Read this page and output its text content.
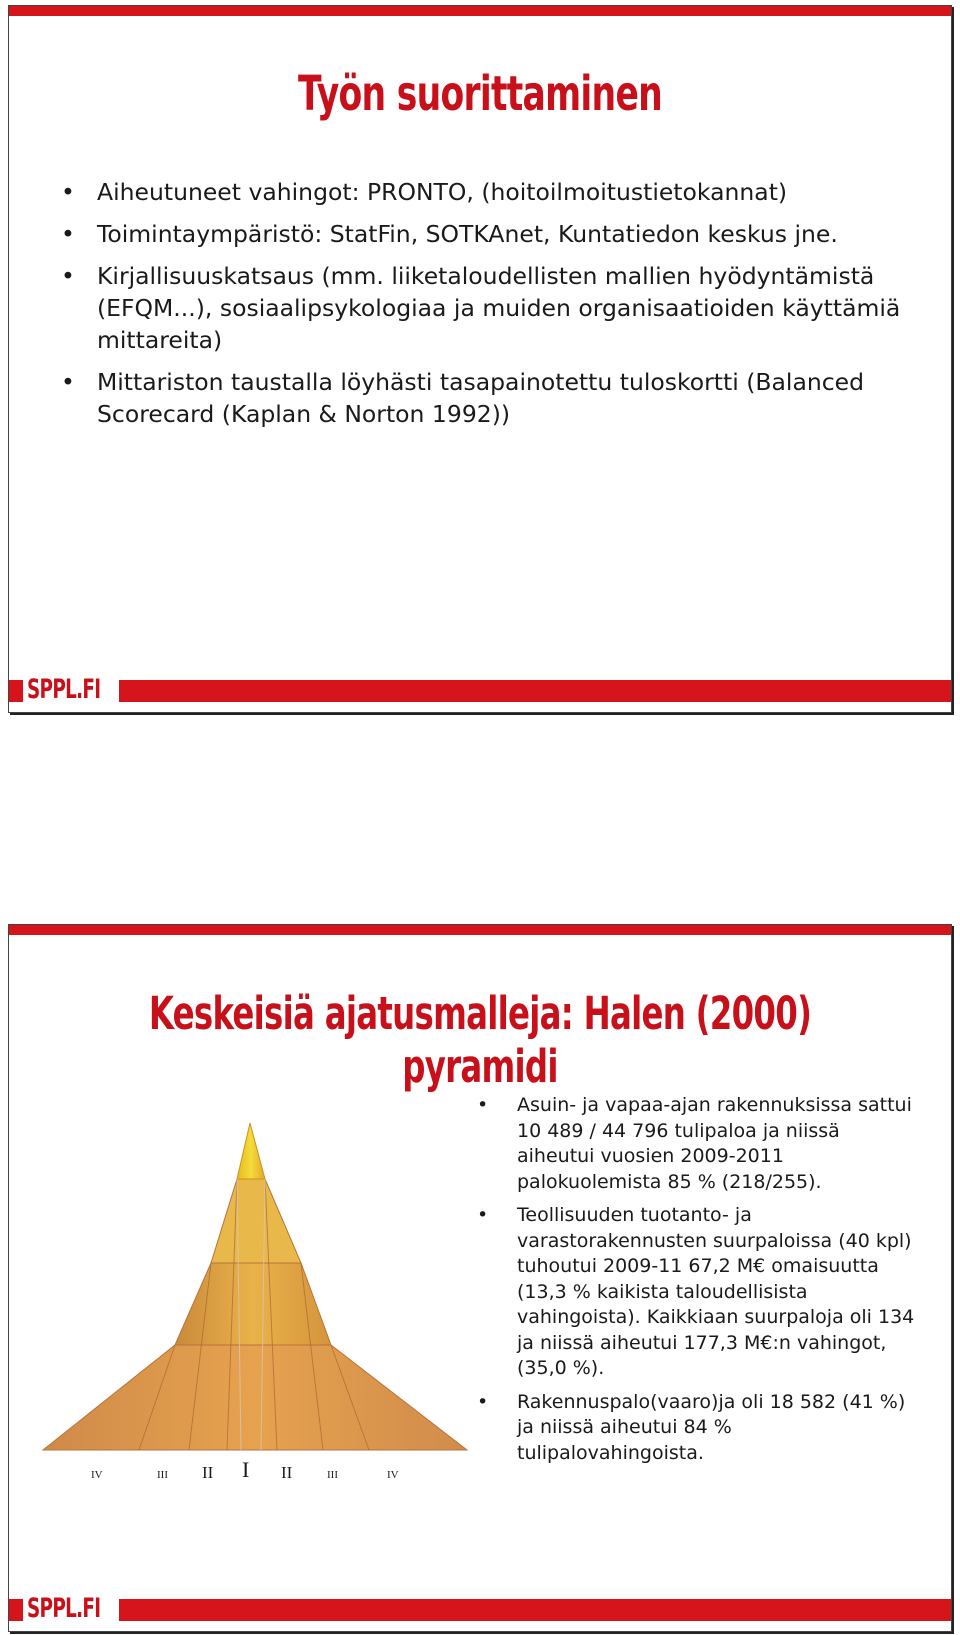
Työn suorittaminen
• Aiheutuneet vahingot: PRONTO, (hoitoilmoitustietokannat)
• Toimintaympäristö: StatFin, SOTKAnet, Kuntatiedon keskus jne.
• Kirjallisuuskatsaus (mm. liiketaloudellisten mallien hyödyntämistä (EFQM...), sosiaalipsykologiaa ja muiden organisaatioiden käyttämiä mittareita)
• Mittariston taustalla löyhästi tasapainotettu tuloskortti (Balanced Scorecard (Kaplan & Norton 1992))
SPPL.FI
Keskeisiä ajatusmalleja: Halen (2000) pyramidi
IV	III II I II	III	IV
• Asuin- ja vapaa-ajan rakennuksissa sattui 10 489 / 44 796 tulipaloa ja niissä aiheutui vuosien 2009-2011 palokuolemista 85 % (218/255).
• Teollisuuden tuotanto- ja varastorakennusten suurpaloissa (40 kpl) tuhoutui 2009-11 67,2 M€ omaisuutta (13,3 % kaikista taloudellisista vahingoista). Kaikkiaan suurpaloja oli 134 ja niissä aiheutui 177,3 M€:n vahingot, (35,0 %).
• Rakennuspalo(vaaro)ja oli 18 582 (41 %) ja niissä aiheutui 84 % tulipalovahingoista.
SPPL.FI
